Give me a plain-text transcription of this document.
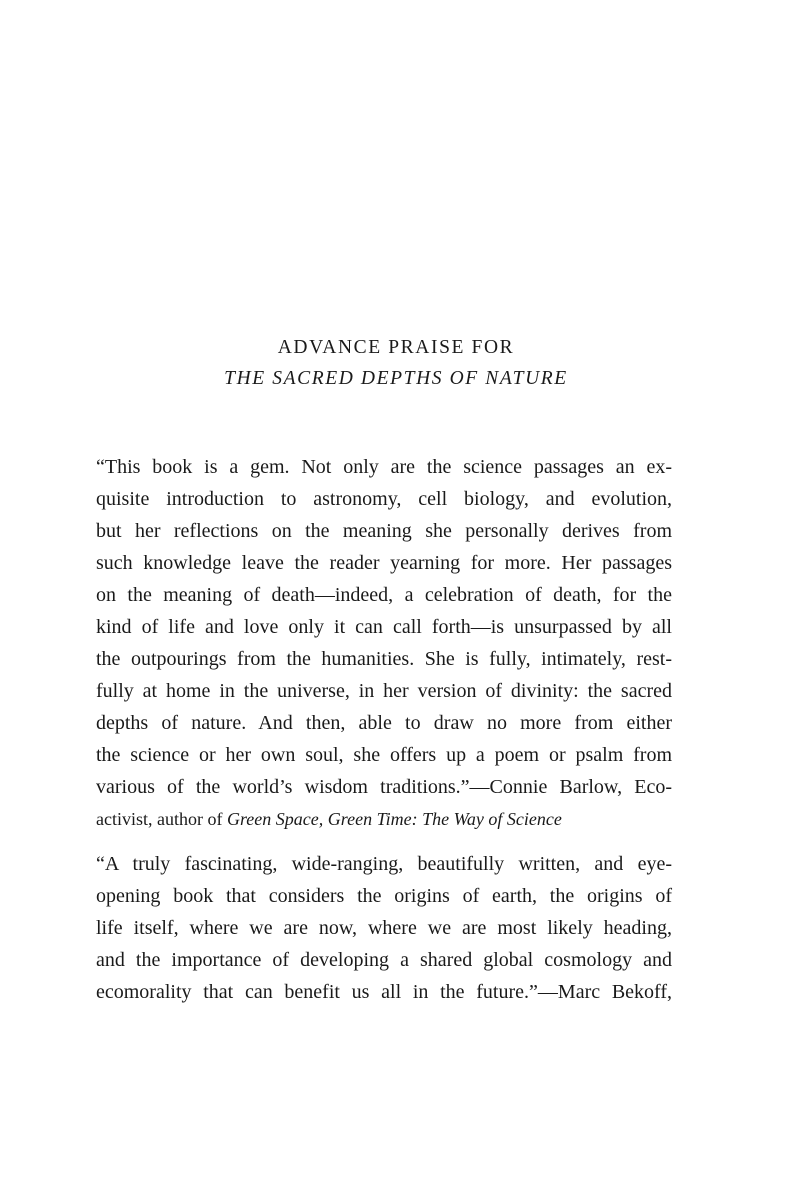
ADVANCE PRAISE FOR
THE SACRED DEPTHS OF NATURE
“This book is a gem. Not only are the science passages an ex-
quisite introduction to astronomy, cell biology, and evolution,
but her reflections on the meaning she personally derives from
such knowledge leave the reader yearning for more. Her passages
on the meaning of death—indeed, a celebration of death, for the
kind of life and love only it can call forth—is unsurpassed by all
the outpourings from the humanities. She is fully, intimately, rest-
fully at home in the universe, in her version of divinity: the sacred
depths of nature. And then, able to draw no more from either
the science or her own soul, she offers up a poem or psalm from
various of the world’s wisdom traditions.”—Connie Barlow, Eco-
activist, author of Green Space, Green Time: The Way of Science
“A truly fascinating, wide-ranging, beautifully written, and eye-
opening book that considers the origins of earth, the origins of
life itself, where we are now, where we are most likely heading,
and the importance of developing a shared global cosmology and
ecomorality that can benefit us all in the future.”—Marc Bekoff,
